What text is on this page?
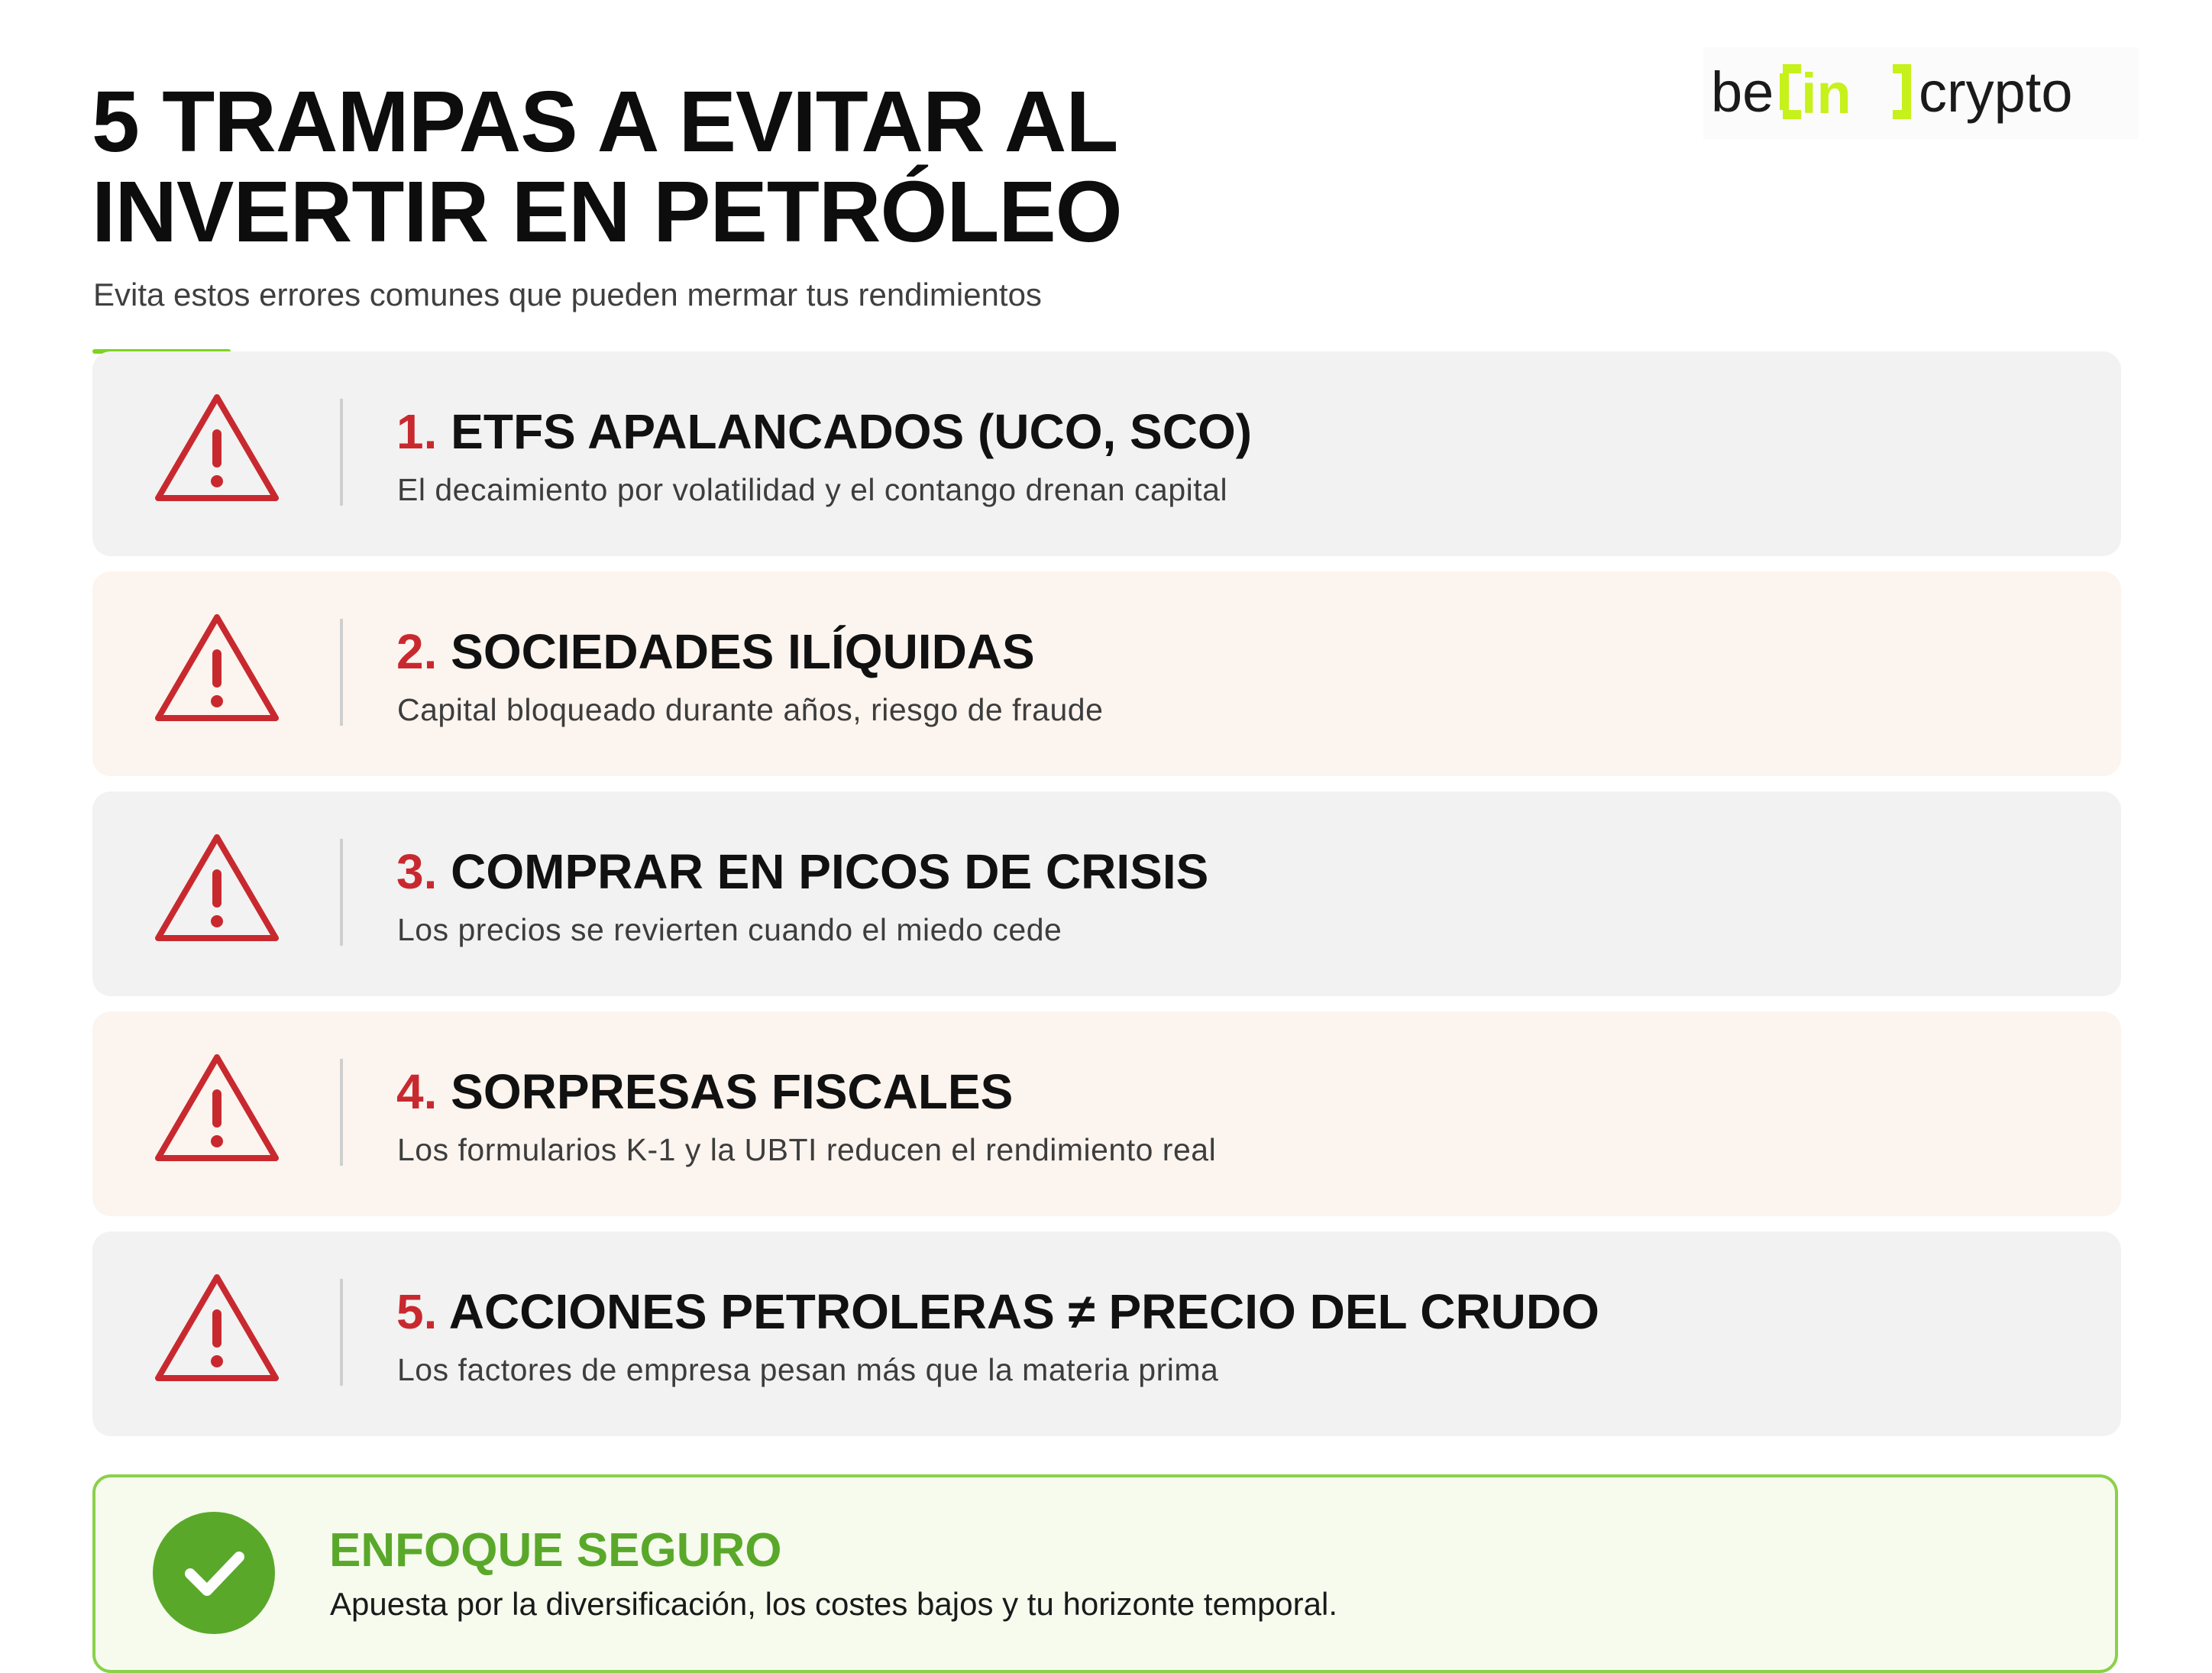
5 TRAMPAS A EVITAR AL
INVERTIR EN PETRÓLEO
Evita estos errores comunes que pueden mermar tus rendimientos
be in crypto
1. ETFS APALANCADOS (UCO, SCO)
El decaimiento por volatilidad y el contango drenan capital
2. SOCIEDADES ILÍQUIDAS
Capital bloqueado durante años, riesgo de fraude
3. COMPRAR EN PICOS DE CRISIS
Los precios se revierten cuando el miedo cede
4. SORPRESAS FISCALES
Los formularios K-1 y la UBTI reducen el rendimiento real
5. ACCIONES PETROLERAS ≠ PRECIO DEL CRUDO
Los factores de empresa pesan más que la materia prima
ENFOQUE SEGURO
Apuesta por la diversificación, los costes bajos y tu horizonte temporal.
